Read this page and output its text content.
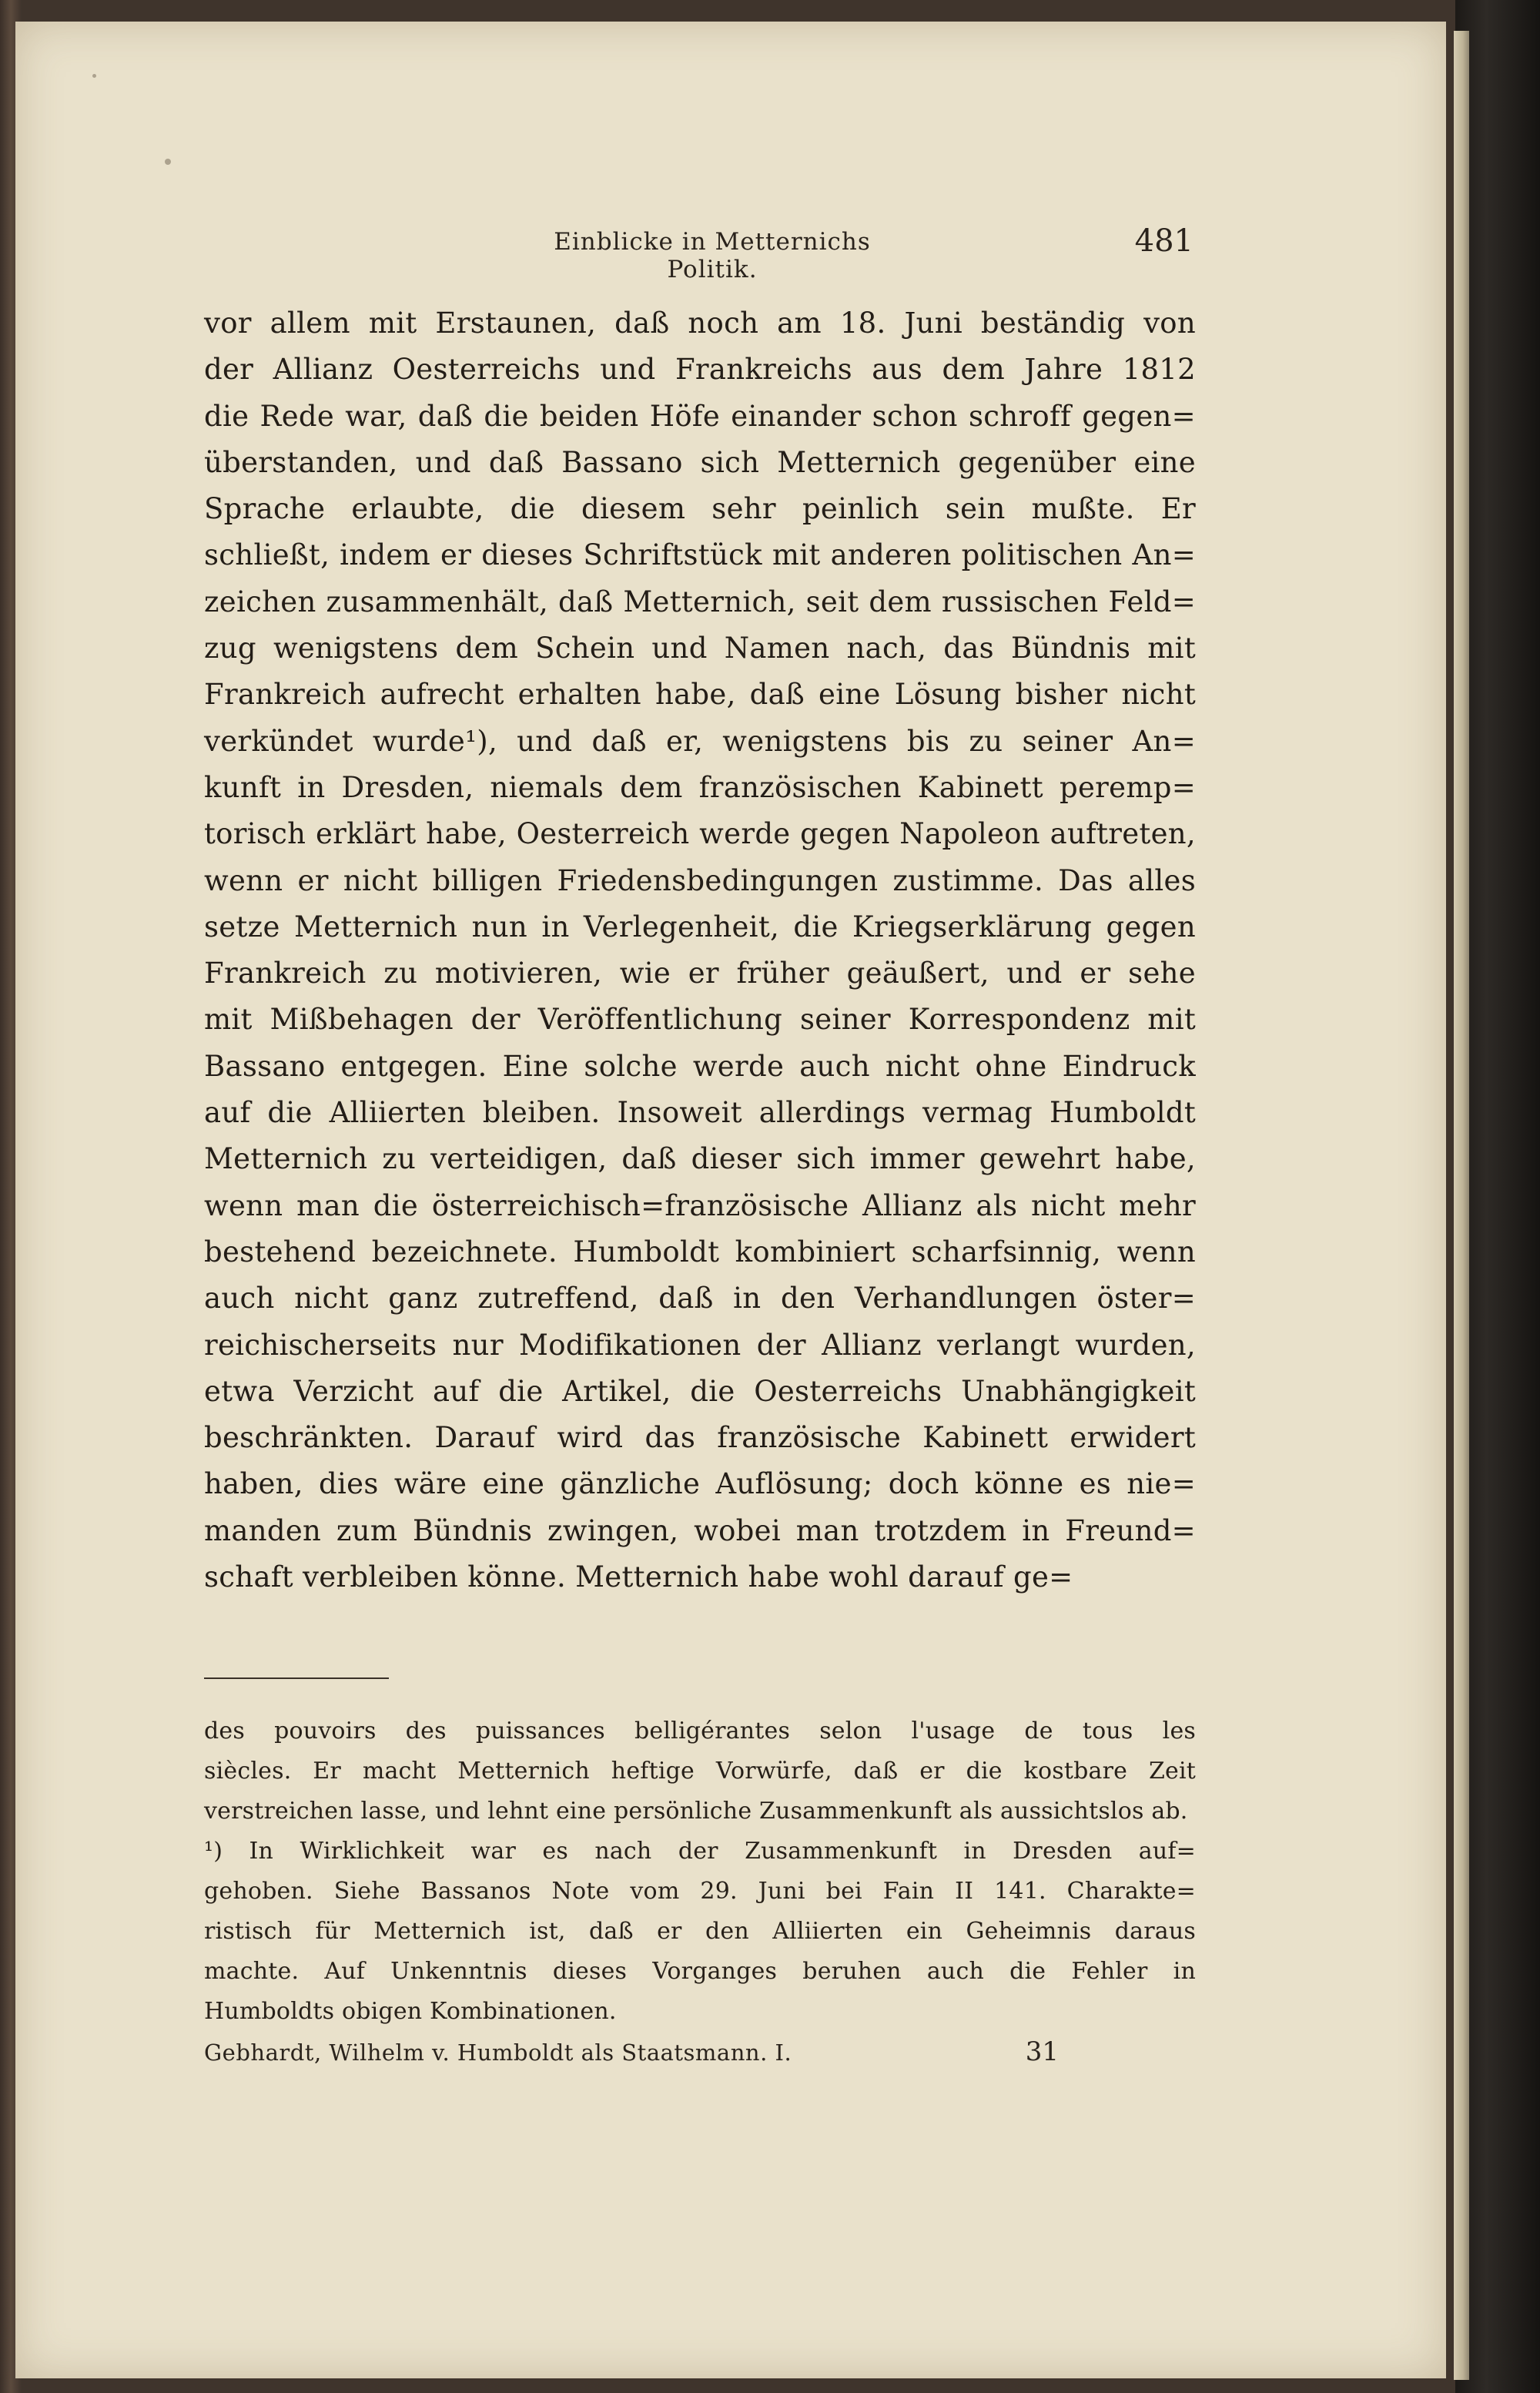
Einblicke in Metternichs Politik.
481
vor allem mit Erstaunen, daß noch am 18. Juni beständig von
der Allianz Oesterreichs und Frankreichs aus dem Jahre 1812
die Rede war, daß die beiden Höfe einander schon schroff gegen=
überstanden, und daß Bassano sich Metternich gegenüber eine
Sprache erlaubte, die diesem sehr peinlich sein mußte. Er
schließt, indem er dieses Schriftstück mit anderen politischen An=
zeichen zusammenhält, daß Metternich, seit dem russischen Feld=
zug wenigstens dem Schein und Namen nach, das Bündnis mit
Frankreich aufrecht erhalten habe, daß eine Lösung bisher nicht
verkündet wurde¹), und daß er, wenigstens bis zu seiner An=
kunft in Dresden, niemals dem französischen Kabinett peremp=
torisch erklärt habe, Oesterreich werde gegen Napoleon auftreten,
wenn er nicht billigen Friedensbedingungen zustimme. Das alles
setze Metternich nun in Verlegenheit, die Kriegserklärung gegen
Frankreich zu motivieren, wie er früher geäußert, und er sehe
mit Mißbehagen der Veröffentlichung seiner Korrespondenz mit
Bassano entgegen. Eine solche werde auch nicht ohne Eindruck
auf die Alliierten bleiben. Insoweit allerdings vermag Humboldt
Metternich zu verteidigen, daß dieser sich immer gewehrt habe,
wenn man die österreichisch=französische Allianz als nicht mehr
bestehend bezeichnete. Humboldt kombiniert scharfsinnig, wenn
auch nicht ganz zutreffend, daß in den Verhandlungen öster=
reichischerseits nur Modifikationen der Allianz verlangt wurden,
etwa Verzicht auf die Artikel, die Oesterreichs Unabhängigkeit
beschränkten. Darauf wird das französische Kabinett erwidert
haben, dies wäre eine gänzliche Auflösung; doch könne es nie=
manden zum Bündnis zwingen, wobei man trotzdem in Freund=
schaft verbleiben könne. Metternich habe wohl darauf ge=
des pouvoirs des puissances belligérantes selon l'usage de tous les
siècles. Er macht Metternich heftige Vorwürfe, daß er die kostbare Zeit
verstreichen lasse, und lehnt eine persönliche Zusammenkunft als aussichtslos ab.
¹) In Wirklichkeit war es nach der Zusammenkunft in Dresden auf=
gehoben. Siehe Bassanos Note vom 29. Juni bei Fain II 141. Charakte=
ristisch für Metternich ist, daß er den Alliierten ein Geheimnis daraus
machte. Auf Unkenntnis dieses Vorganges beruhen auch die Fehler in
Humboldts obigen Kombinationen.
Gebhardt, Wilhelm v. Humboldt als Staatsmann. I.	31
